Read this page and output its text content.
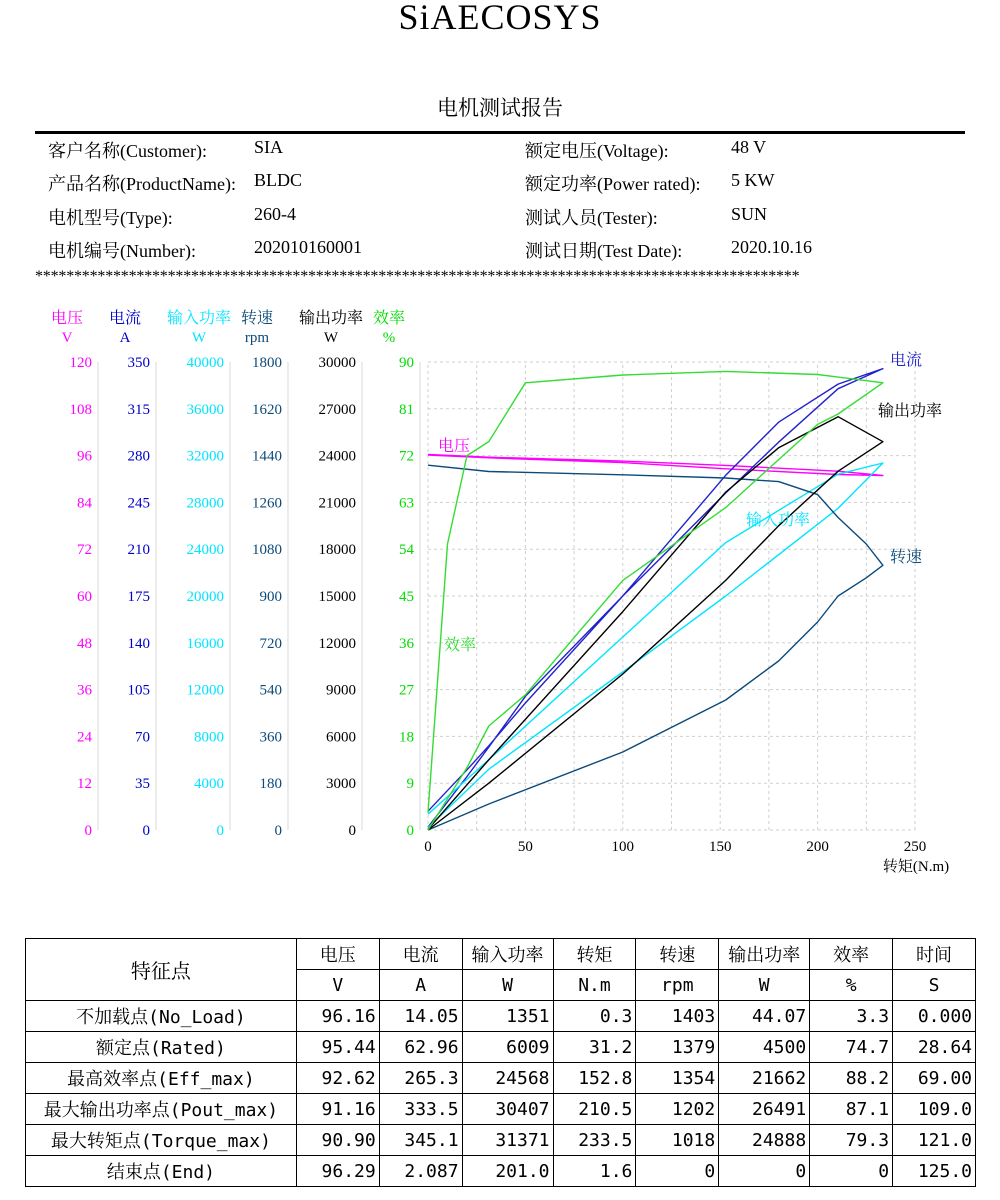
SiAECOSYS
电机测试报告
客户名称(Customer):	SIA
产品名称(ProductName): BLDC
电机型号(Type):	260-4
电机编号(Number):	202010160001
额定电压(Voltage):	48 V
额定功率(Power rated): 5 KW
测试人员(Tester):	SUN
测试日期(Test Date):	2020.10.16
**************************************************************************************************
电压
V
0
12
24
36
48
60
72
84
96
108
120
电流
A
0
35
70
105
140
175
210
245
280
315
350
输入功率
W
0
4000
8000
12000
16000
20000
24000
28000
32000
36000
40000
转速
rpm
0
180
360
540
720
900
1080
1260
1440
1620
1800
输出功率
W
0
3000
6000
9000
12000
15000
18000
21000
24000
27000
30000
效率
%
0
9
18
27
36
45
54
63
72
81
90
0	50	100	150	200	250
转矩(N.m)
电流
输出功率
电压
输入功率
转速
效率
特征点	电压	电流	输入功率	转矩	转速	输出功率	效率	时间
	V	A	W	N.m	rpm	W	%	S
不加载点(No_Load)	96.16	14.05	1351	0.3	1403	44.07	3.3	0.000
额定点(Rated)	95.44	62.96	6009	31.2	1379	4500	74.7	28.64
最高效率点(Eff_max)	92.62	265.3	24568	152.8	1354	21662	88.2	69.00
最大输出功率点(Pout_max)	91.16	333.5	30407	210.5	1202	26491	87.1	109.0
最大转矩点(Torque_max)	90.90	345.1	31371	233.5	1018	24888	79.3	121.0
结束点(End)	96.29	2.087	201.0	1.6	0	0	0	125.0
